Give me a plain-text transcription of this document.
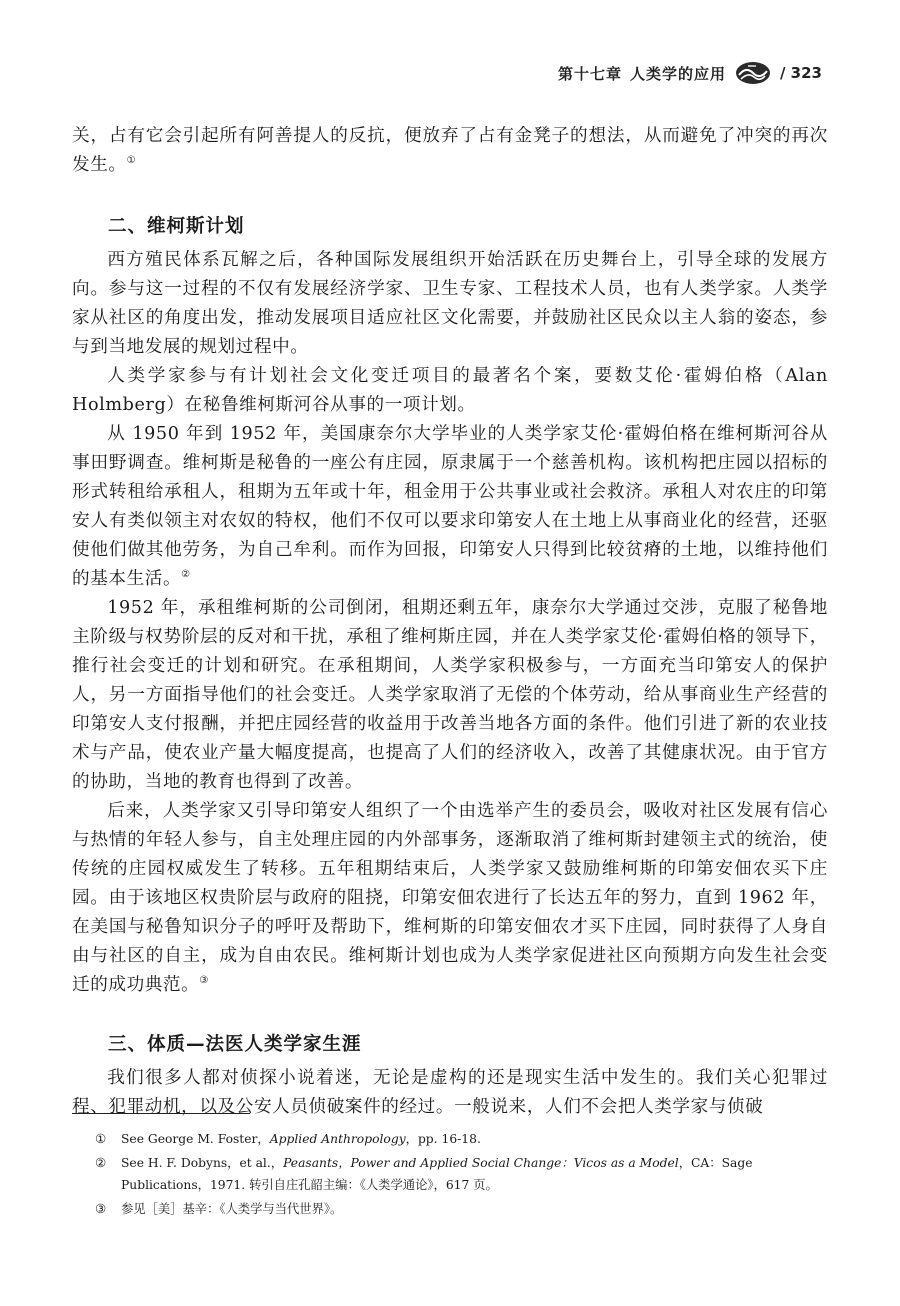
第十七章 人类学的应用	/ 323

关，占有它会引起所有阿善提人的反抗，便放弃了占有金凳子的想法，从而避免了冲突的再次发生。①

二、维柯斯计划

西方殖民体系瓦解之后，各种国际发展组织开始活跃在历史舞台上，引导全球的发展方向。参与这一过程的不仅有发展经济学家、卫生专家、工程技术人员，也有人类学家。人类学家从社区的角度出发，推动发展项目适应社区文化需要，并鼓励社区民众以主人翁的姿态，参与到当地发展的规划过程中。

人类学家参与有计划社会文化变迁项目的最著名个案，要数艾伦·霍姆伯格（Alan Holmberg）在秘鲁维柯斯河谷从事的一项计划。

从 1950 年到 1952 年，美国康奈尔大学毕业的人类学家艾伦·霍姆伯格在维柯斯河谷从事田野调查。维柯斯是秘鲁的一座公有庄园，原隶属于一个慈善机构。该机构把庄园以招标的形式转租给承租人，租期为五年或十年，租金用于公共事业或社会救济。承租人对农庄的印第安人有类似领主对农奴的特权，他们不仅可以要求印第安人在土地上从事商业化的经营，还驱使他们做其他劳务，为自己牟利。而作为回报，印第安人只得到比较贫瘠的土地，以维持他们的基本生活。②

1952 年，承租维柯斯的公司倒闭，租期还剩五年，康奈尔大学通过交涉，克服了秘鲁地主阶级与权势阶层的反对和干扰，承租了维柯斯庄园，并在人类学家艾伦·霍姆伯格的领导下，推行社会变迁的计划和研究。在承租期间，人类学家积极参与，一方面充当印第安人的保护人，另一方面指导他们的社会变迁。人类学家取消了无偿的个体劳动，给从事商业生产经营的印第安人支付报酬，并把庄园经营的收益用于改善当地各方面的条件。他们引进了新的农业技术与产品，使农业产量大幅度提高，也提高了人们的经济收入，改善了其健康状况。由于官方的协助，当地的教育也得到了改善。

后来，人类学家又引导印第安人组织了一个由选举产生的委员会，吸收对社区发展有信心与热情的年轻人参与，自主处理庄园的内外部事务，逐渐取消了维柯斯封建领主式的统治，使传统的庄园权威发生了转移。五年租期结束后，人类学家又鼓励维柯斯的印第安佃农买下庄园。由于该地区权贵阶层与政府的阻挠，印第安佃农进行了长达五年的努力，直到 1962 年，在美国与秘鲁知识分子的呼吁及帮助下，维柯斯的印第安佃农才买下庄园，同时获得了人身自由与社区的自主，成为自由农民。维柯斯计划也成为人类学家促进社区向预期方向发生社会变迁的成功典范。③

三、体质—法医人类学家生涯

我们很多人都对侦探小说着迷，无论是虚构的还是现实生活中发生的。我们关心犯罪过程、犯罪动机，以及公安人员侦破案件的经过。一般说来，人们不会把人类学家与侦破

①	See George M. Foster，Applied Anthropology，pp. 16-18.
②	See H. F. Dobyns，et al.，Peasants，Power and Applied Social Change：Vicos as a Model，CA：Sage Publications，1971. 转引自庄孔韶主编：《人类学通论》，617 页。
③	参见［美］基辛：《人类学与当代世界》。
